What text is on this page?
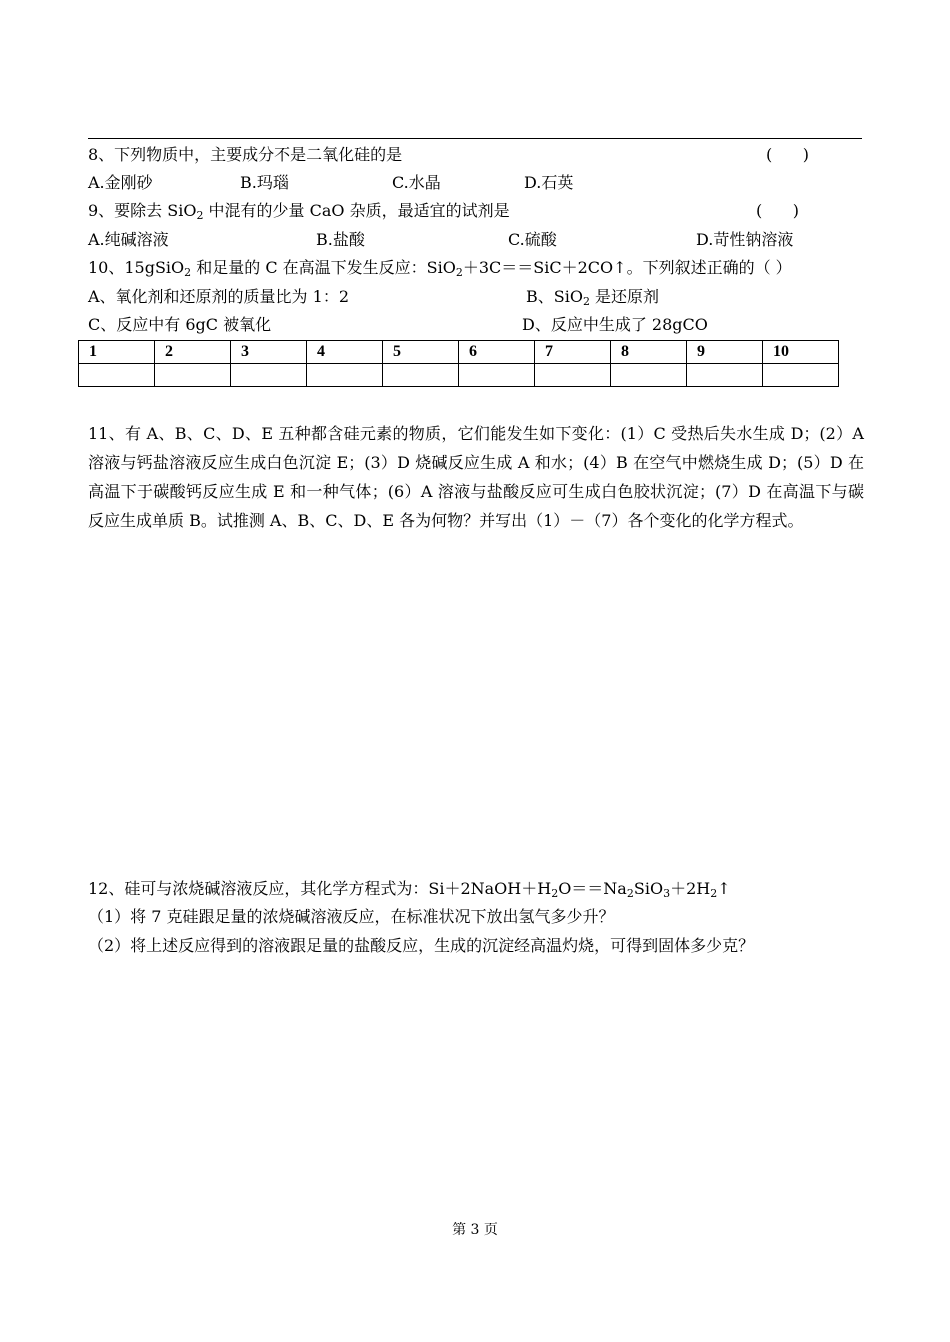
8、下列物质中，主要成分不是二氧化硅的是	(      )
A.金刚砂	B.玛瑙	C.水晶	D.石英
9、要除去 SiO$_2$ 中混有的少量 CaO 杂质，最适宜的试剂是	(      )
A.纯碱溶液	B.盐酸	C.硫酸	D.苛性钠溶液
10、15gSiO$_2$ 和足量的 C 在高温下发生反应：SiO$_2$＋3C＝＝SiC＋2CO↑。下列叙述正确的（ ）
A、氧化剂和还原剂的质量比为 1：2	B、SiO$_2$ 是还原剂
C、反应中有 6gC 被氧化	D、反应中生成了 28gCO
1	2	3	4	5	6	7	8	9	10

11、有 A、B、C、D、E 五种都含硅元素的物质，它们能发生如下变化：(1）C 受热后失水生成 D；(2）A 溶液与钙盐溶液反应生成白色沉淀 E；(3）D 烧碱反应生成 A 和水；(4）B 在空气中燃烧生成 D；(5）D 在高温下于碳酸钙反应生成 E 和一种气体；(6）A 溶液与盐酸反应可生成白色胶状沉淀；(7）D 在高温下与碳反应生成单质 B。试推测 A、B、C、D、E 各为何物？并写出（1）－（7）各个变化的化学方程式。
12、硅可与浓烧碱溶液反应，其化学方程式为：$Si+2NaOH+H_2O==Na_2SiO_3+2H_2↑$
（1）将 7 克硅跟足量的浓烧碱溶液反应，在标准状况下放出氢气多少升？
（2）将上述反应得到的溶液跟足量的盐酸反应，生成的沉淀经高温灼烧，可得到固体多少克？
第 3 页
